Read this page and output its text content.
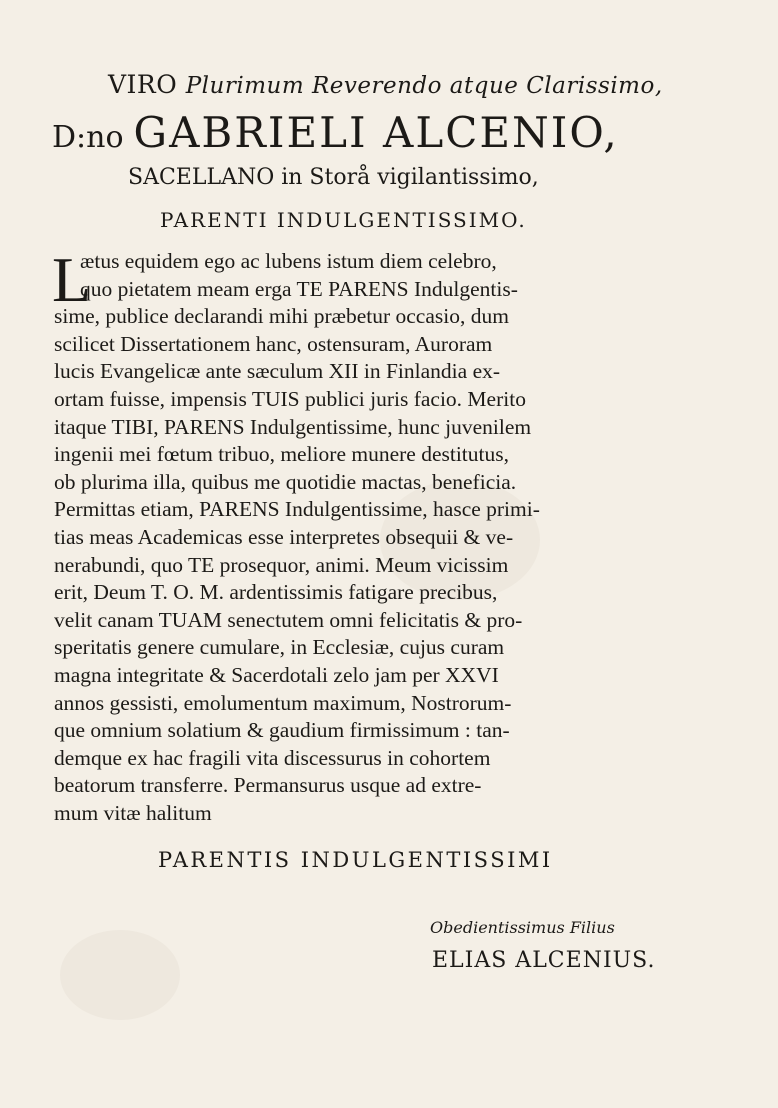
VIRO Plurimum Reverendo atque Clarissimo,
D:no GABRIELI ALCENIO,
SACELLANO in Storå vigilantissimo,
PARENTI INDULGENTISSIMO.
L
ætus equidem ego ac lubens istum diem celebro,
quo pietatem meam erga TE PARENS Indulgentis-
sime, publice declarandi mihi præbetur occasio, dum
scilicet Dissertationem hanc, ostensuram, Auroram
lucis Evangelicæ ante sæculum XII in Finlandia ex-
ortam fuisse, impensis TUIS publici juris facio. Merito
itaque TIBI, PARENS Indulgentissime, hunc juvenilem
ingenii mei fœtum tribuo, meliore munere destitutus,
ob plurima illa, quibus me quotidie mactas, beneficia.
Permittas etiam, PARENS Indulgentissime, hasce primi-
tias meas Academicas esse interpretes obsequii & ve-
nerabundi, quo TE prosequor, animi. Meum vicissim
erit, Deum T. O. M. ardentissimis fatigare precibus,
velit canam TUAM senectutem omni felicitatis & pro-
speritatis genere cumulare, in Ecclesiæ, cujus curam
magna integritate & Sacerdotali zelo jam per XXVI
annos gessisti, emolumentum maximum, Nostrorum-
que omnium solatium & gaudium firmissimum : tan-
demque ex hac fragili vita discessurus in cohortem
beatorum transferre. Permansurus usque ad extre-
mum vitæ halitum
PARENTIS INDULGENTISSIMI
Obedientissimus Filius
ELIAS ALCENIUS.
